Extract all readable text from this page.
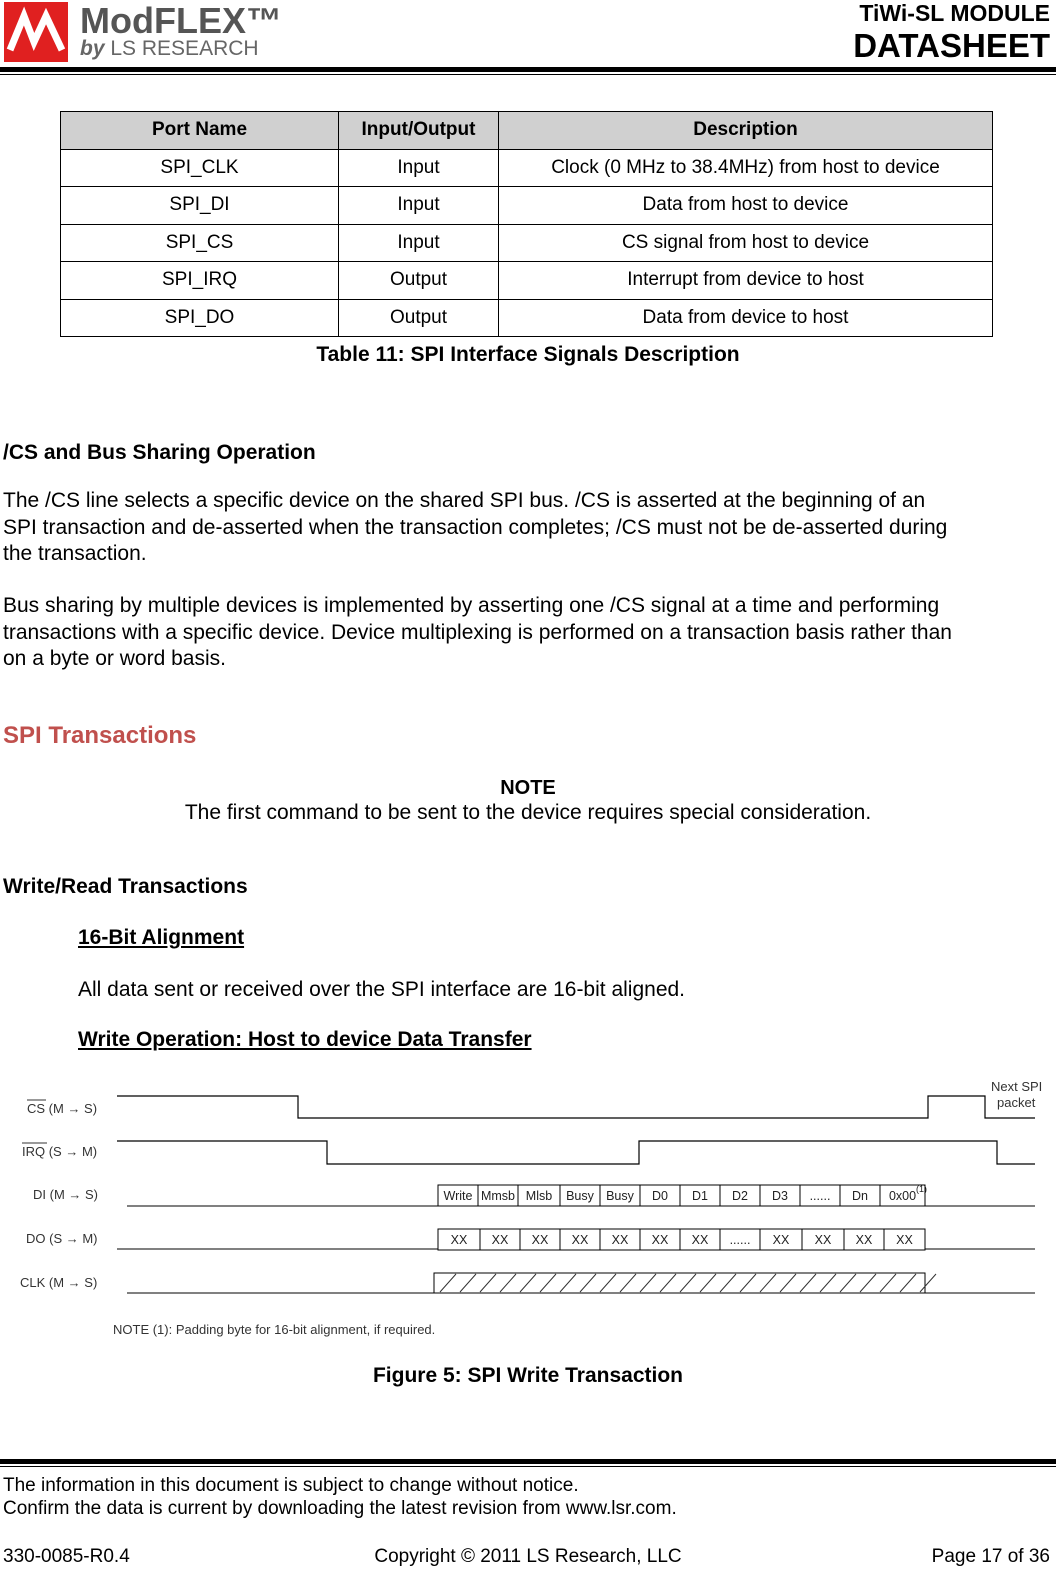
ModFLEX™
by LS RESEARCH
TiWi-SL MODULE
DATASHEET
Port Name	Input/Output	Description
SPI_CLK	Input	Clock (0 MHz to 38.4MHz) from host to device
SPI_DI	Input	Data from host to device
SPI_CS	Input	CS signal from host to device
SPI_IRQ	Output	Interrupt from device to host
SPI_DO	Output	Data from device to host
Table 11: SPI Interface Signals Description
/CS and Bus Sharing Operation
The /CS line selects a specific device on the shared SPI bus. /CS is asserted at the beginning of an
SPI transaction and de-asserted when the transaction completes; /CS must not be de-asserted during
the transaction.
Bus sharing by multiple devices is implemented by asserting one /CS signal at a time and performing
transactions with a specific device. Device multiplexing is performed on a transaction basis rather than
on a byte or word basis.
SPI Transactions
NOTE
The first command to be sent to the device requires special consideration.
Write/Read Transactions
16-Bit Alignment
All data sent or received over the SPI interface are 16-bit aligned.
Write Operation: Host to device Data Transfer
CS (M → S)
IRQ (S → M)
DI (M → S)
DO (S → M)
CLK (M → S)
Next SPI
packet
Write Mmsb Mlsb Busy Busy D0 D1 D2 D3 ...... Dn 0x00 (1)
XX XX XX XX XX XX XX ...... XX XX XX XX
NOTE (1): Padding byte for 16-bit alignment, if required.
Figure 5: SPI Write Transaction
The information in this document is subject to change without notice.
Confirm the data is current by downloading the latest revision from www.lsr.com.
330-0085-R0.4	Copyright © 2011 LS Research, LLC	Page 17 of 36
